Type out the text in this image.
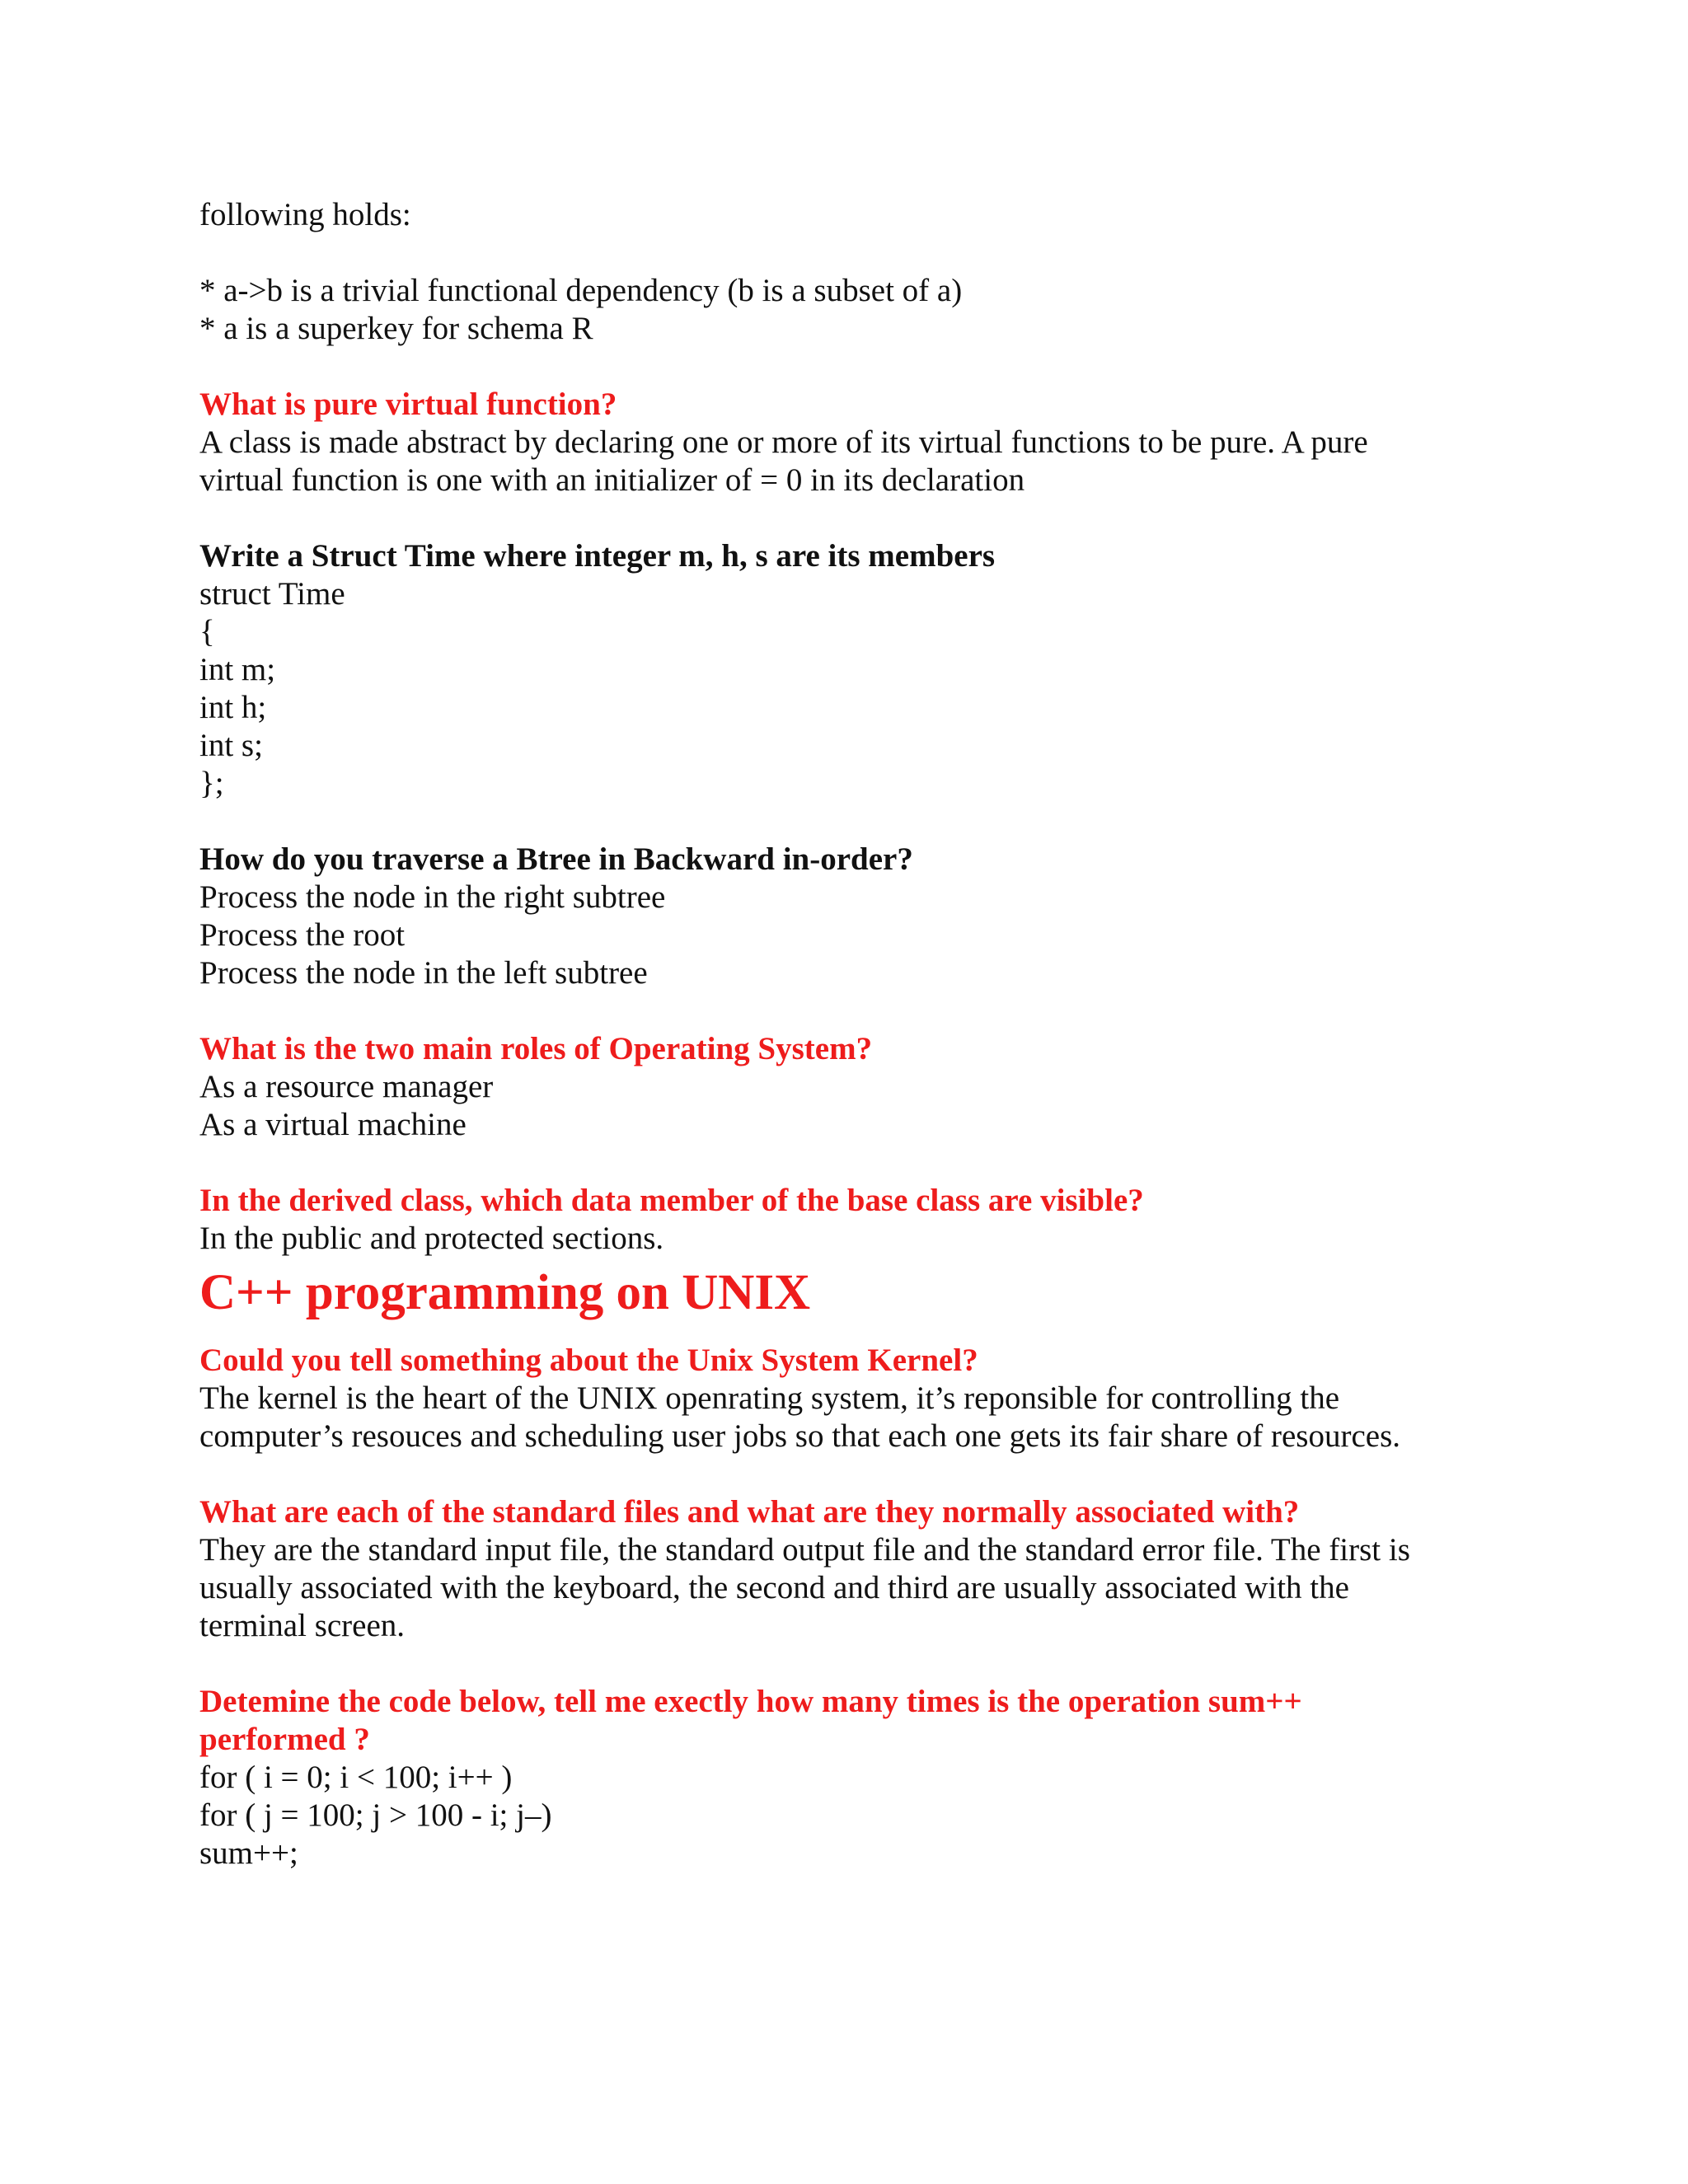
following holds:

* a->b is a trivial functional dependency (b is a subset of a)

* a is a superkey for schema R

What is pure virtual function?

A class is made abstract by declaring one or more of its virtual functions to be pure. A pure

virtual function is one with an initializer of = 0 in its declaration

Write a Struct Time where integer m, h, s are its members

struct Time

{

int m;

int h;

int s;

};

How do you traverse a Btree in Backward in-order?

Process the node in the right subtree

Process the root

Process the node in the left subtree

What is the two main roles of Operating System?

As a resource manager

As a virtual machine

In the derived class, which data member of the base class are visible?

In the public and protected sections.

C++ programming on UNIX

Could you tell something about the Unix System Kernel?

The kernel is the heart of the UNIX openrating system, it’s reponsible for controlling the

computer’s resouces and scheduling user jobs so that each one gets its fair share of resources.

What are each of the standard files and what are they normally associated with?

They are the standard input file, the standard output file and the standard error file. The first is

usually associated with the keyboard, the second and third are usually associated with the

terminal screen.

Detemine the code below, tell me exectly how many times is the operation sum++

performed ?

for ( i = 0; i < 100; i++ )

for ( j = 100; j > 100 - i; j–)

sum++;
